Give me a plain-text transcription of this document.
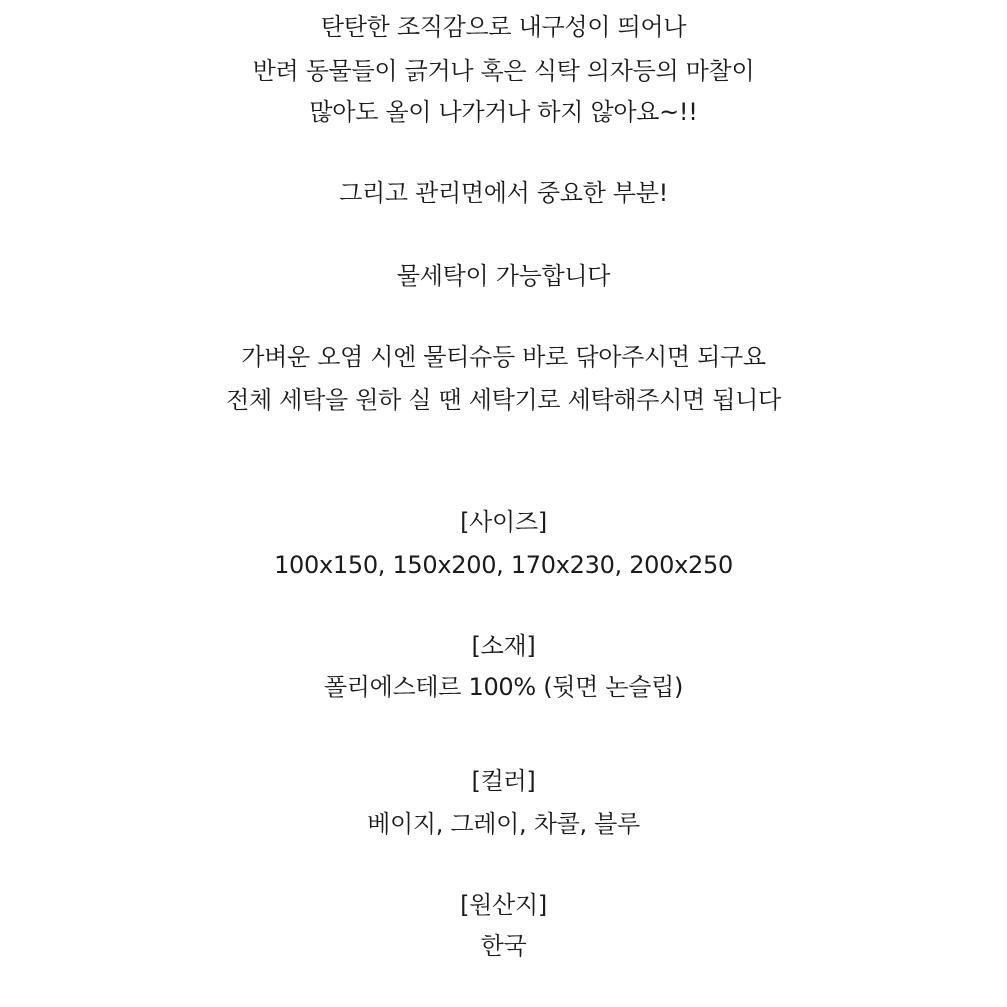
탄탄한 조직감으로 내구성이 띄어나
반려 동물들이 긁거나 혹은 식탁 의자등의 마찰이
많아도 올이 나가거나 하지 않아요~!!
그리고 관리면에서 중요한 부분!
물세탁이 가능합니다
가벼운 오염 시엔 물티슈등 바로 닦아주시면 되구요
전체 세탁을 원하 실 땐 세탁기로 세탁해주시면 됩니다
[사이즈]
100x150, 150x200, 170x230, 200x250
[소재]
폴리에스테르 100% (뒷면 논슬립)
[컬러]
베이지, 그레이, 차콜, 블루
[원산지]
한국
